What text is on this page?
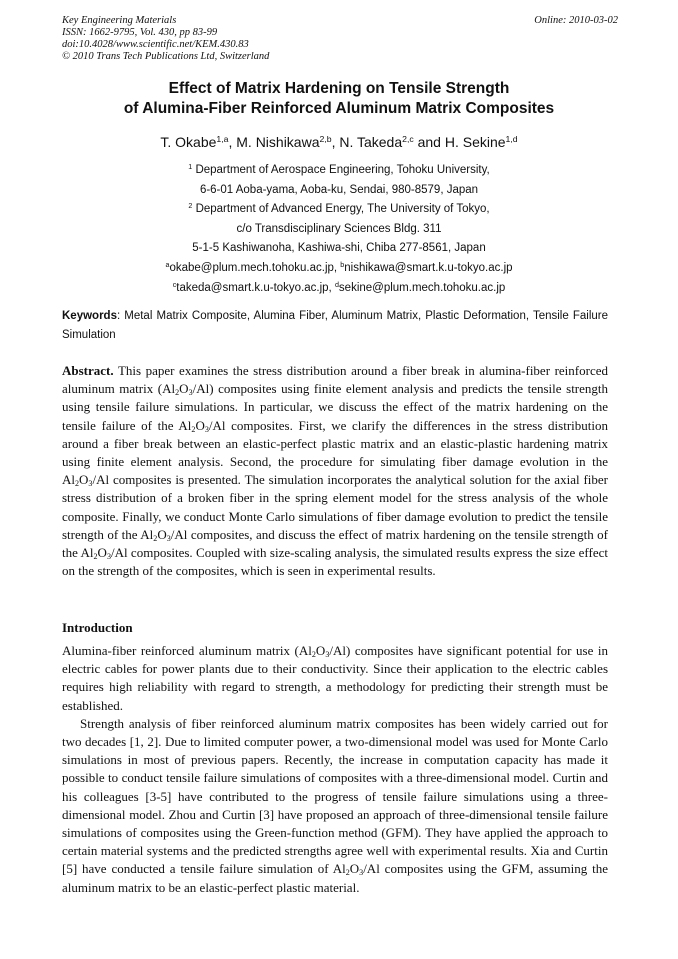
Key Engineering Materials
ISSN: 1662-9795, Vol. 430, pp 83-99
doi:10.4028/www.scientific.net/KEM.430.83
© 2010 Trans Tech Publications Ltd, Switzerland
Online: 2010-03-02
Effect of Matrix Hardening on Tensile Strength
of Alumina-Fiber Reinforced Aluminum Matrix Composites
T. Okabe$^{1,a}$, M. Nishikawa$^{2,b}$, N. Takeda$^{2,c}$ and H. Sekine$^{1,d}$
$^1$ Department of Aerospace Engineering, Tohoku University,
6-6-01 Aoba-yama, Aoba-ku, Sendai, 980-8579, Japan
$^2$ Department of Advanced Energy, The University of Tokyo,
c/o Transdisciplinary Sciences Bldg. 311
5-1-5 Kashiwanoha, Kashiwa-shi, Chiba 277-8561, Japan
$^a$okabe@plum.mech.tohoku.ac.jp, $^b$nishikawa@smart.k.u-tokyo.ac.jp
$^c$takeda@smart.k.u-tokyo.ac.jp, $^d$sekine@plum.mech.tohoku.ac.jp
Keywords: Metal Matrix Composite, Alumina Fiber, Aluminum Matrix, Plastic Deformation, Tensile Failure Simulation
Abstract. This paper examines the stress distribution around a fiber break in alumina-fiber reinforced aluminum matrix $(Al_2O_3/Al)$ composites using finite element analysis and predicts the tensile strength using tensile failure simulations. In particular, we discuss the effect of the matrix hardening on the tensile failure of the $Al_2O_3/Al$ composites. First, we clarify the differences in the stress distribution around a fiber break between an elastic-perfect plastic matrix and an elastic-plastic hardening matrix using finite element analysis. Second, the procedure for simulating fiber damage evolution in the $Al_2O_3/Al$ composites is presented. The simulation incorporates the analytical solution for the axial fiber stress distribution of a broken fiber in the spring element model for the stress analysis of the whole composite. Finally, we conduct Monte Carlo simulations of fiber damage evolution to predict the tensile strength of the $Al_2O_3/Al$ composites, and discuss the effect of matrix hardening on the tensile strength of the $Al_2O_3/Al$ composites. Coupled with size-scaling analysis, the simulated results express the size effect on the strength of the composites, which is seen in experimental results.
Introduction

Alumina-fiber reinforced aluminum matrix $(Al_2O_3/Al)$ composites have significant potential for use in electric cables for power plants due to their conductivity. Since their application to the electric cables requires high reliability with regard to strength, a methodology for predicting their strength must be established.

Strength analysis of fiber reinforced aluminum matrix composites has been widely carried out for two decades [1, 2]. Due to limited computer power, a two-dimensional model was used for Monte Carlo simulations in most of previous papers. Recently, the increase in computation capacity has made it possible to conduct tensile failure simulations of composites with a three-dimensional model. Curtin and his colleagues [3-5] have contributed to the progress of tensile failure simulations using a three-dimensional model. Zhou and Curtin [3] have proposed an approach of three-dimensional tensile failure simulations of composites using the Green-function method (GFM). They have applied the approach to certain material systems and the predicted strengths agree well with experimental results. Xia and Curtin [5] have conducted a tensile failure simulation of $Al_2O_3/Al$ composites using the GFM, assuming the aluminum matrix to be an elastic-perfect plastic material.
